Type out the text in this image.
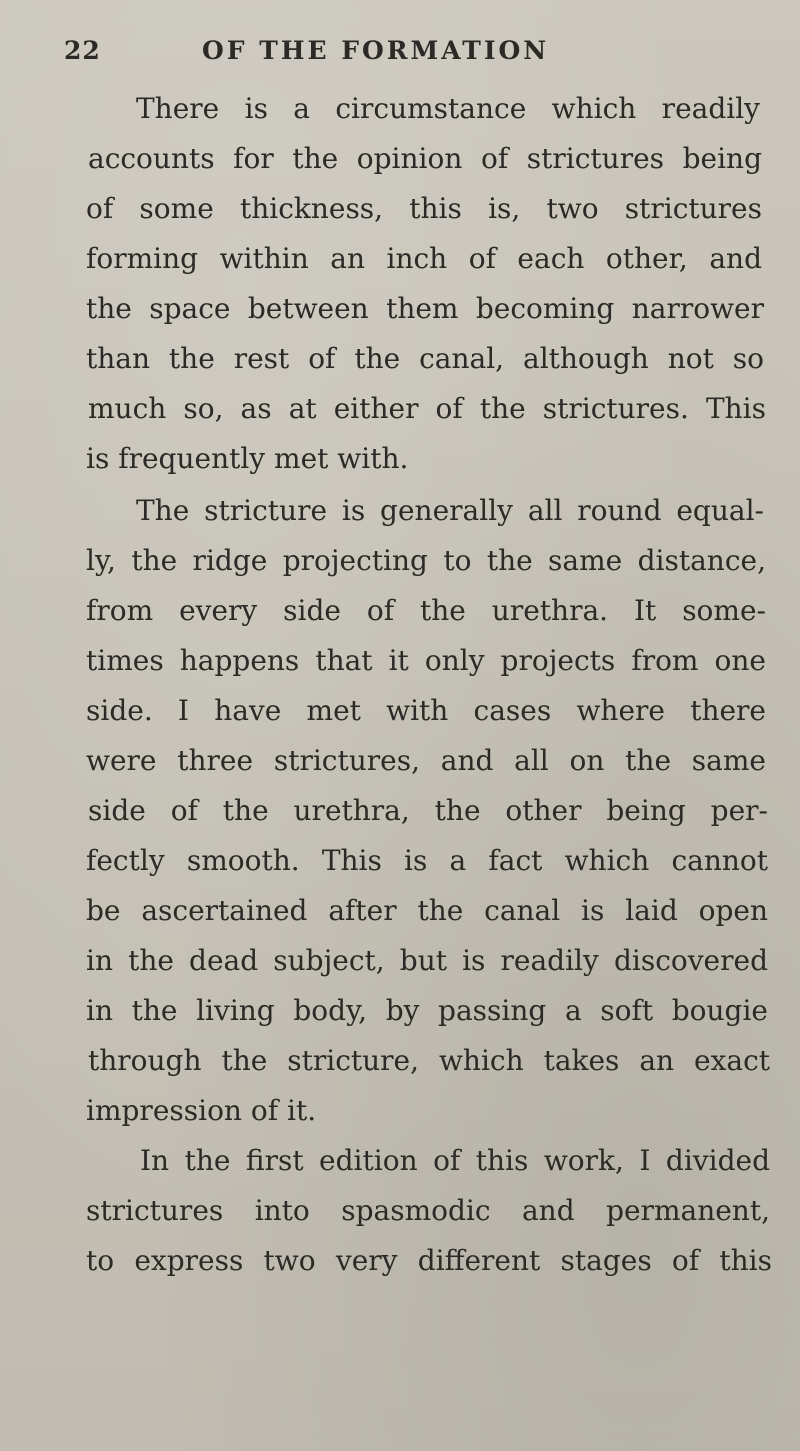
22	OF THE FORMATION
There is a circumstance which readily
accounts for the opinion of strictures being
of some thickness, this is, two strictures
forming within an inch of each other, and
the space between them becoming narrower
than the rest of the canal, although not so
much so, as at either of the strictures. This
is frequently met with.
The stricture is generally all round equal-
ly, the ridge projecting to the same distance,
from every side of the urethra. It some-
times happens that it only projects from one
side. I have met with cases where there
were three strictures, and all on the same
side of the urethra, the other being per-
fectly smooth. This is a fact which cannot
be ascertained after the canal is laid open
in the dead subject, but is readily discovered
in the living body, by passing a soft bougie
through the stricture, which takes an exact
impression of it.
In the first edition of this work, I divided
strictures into spasmodic and permanent,
to express two very different stages of this
